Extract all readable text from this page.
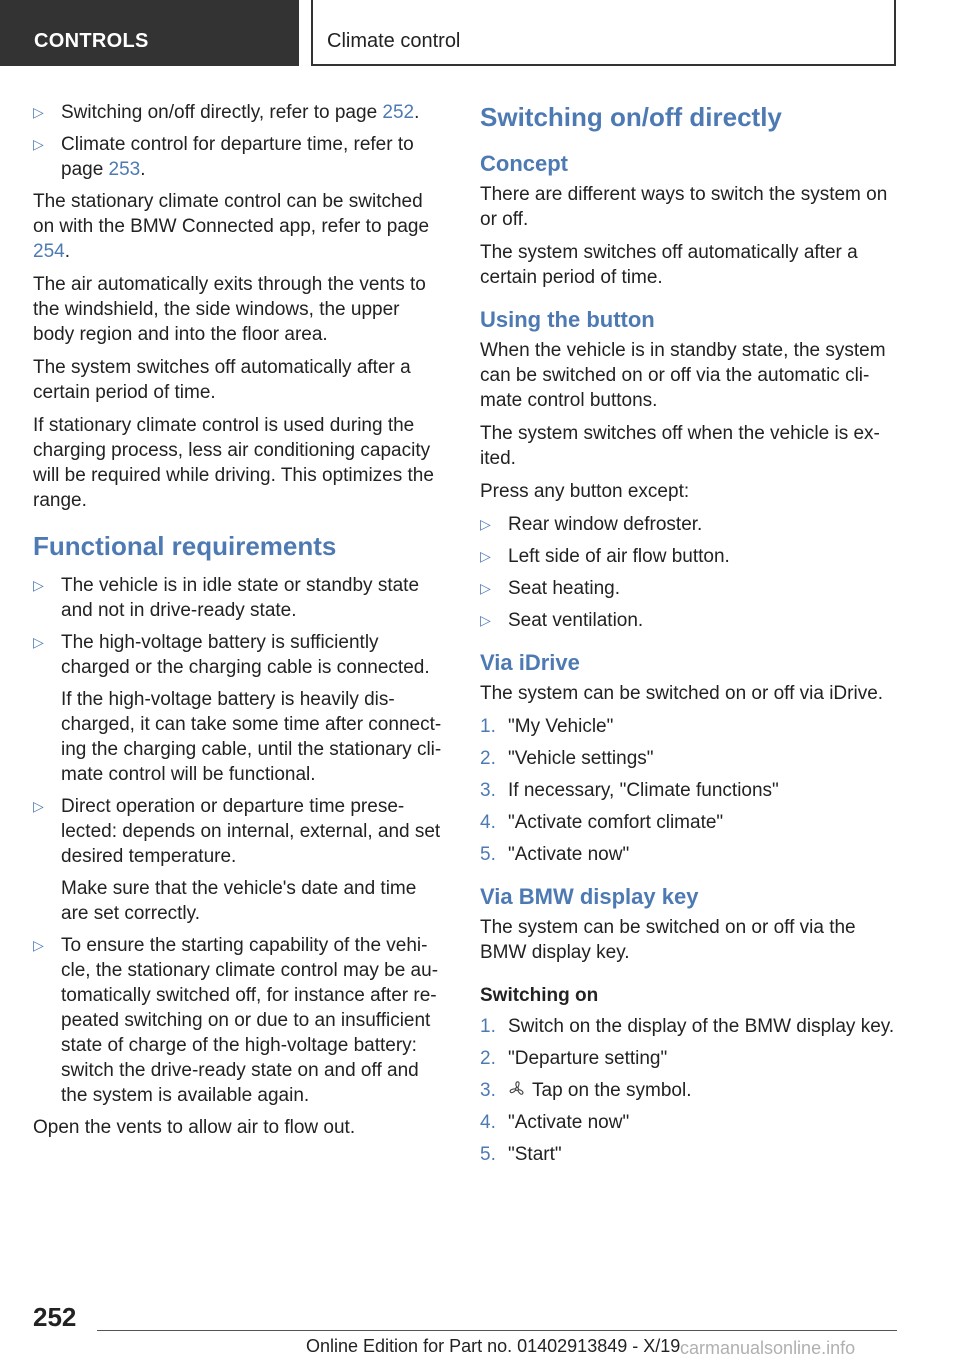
CONTROLS	Climate control
▷ Switching on/off directly, refer to page 252.
▷ Climate control for departure time, refer to page 253.

The stationary climate control can be switched on with the BMW Connected app, refer to page 254.

The air automatically exits through the vents to the windshield, the side windows, the upper body region and into the floor area.

The system switches off automatically after a certain period of time.

If stationary climate control is used during the charging process, less air conditioning capacity will be required while driving. This optimizes the range.

Functional requirements
▷ The vehicle is in idle state or standby state and not in drive-ready state.
▷ The high-voltage battery is sufficiently charged or the charging cable is connected.
If the high-voltage battery is heavily discharged, it can take some time after connecting the charging cable, until the stationary climate control will be functional.
▷ Direct operation or departure time preselected: depends on internal, external, and set desired temperature.
Make sure that the vehicle's date and time are set correctly.
▷ To ensure the starting capability of the vehicle, the stationary climate control may be automatically switched off, for instance after repeated switching on or due to an insufficient state of charge of the high-voltage battery: switch the drive-ready state on and off and the system is available again.

Open the vents to allow air to flow out.

Switching on/off directly
Concept

There are different ways to switch the system on or off.

The system switches off automatically after a certain period of time.

Using the button

When the vehicle is in standby state, the system can be switched on or off via the automatic climate control buttons.

The system switches off when the vehicle is exited.

Press any button except:

▷ Rear window defroster.
▷ Left side of air flow button.
▷ Seat heating.
▷ Seat ventilation.
Via iDrive

The system can be switched on or off via iDrive.

1. "My Vehicle"
2. "Vehicle settings"
3. If necessary, "Climate functions"
4. "Activate comfort climate"
5. "Activate now"
Via BMW display key

The system can be switched on or off via the BMW display key.

Switching on
1. Switch on the display of the BMW display key.
2. "Departure setting"
3. Tap on the symbol.
4. "Activate now"
5. "Start"
252
Online Edition for Part no. 01402913849 - X/19 carmanualsonline.info
